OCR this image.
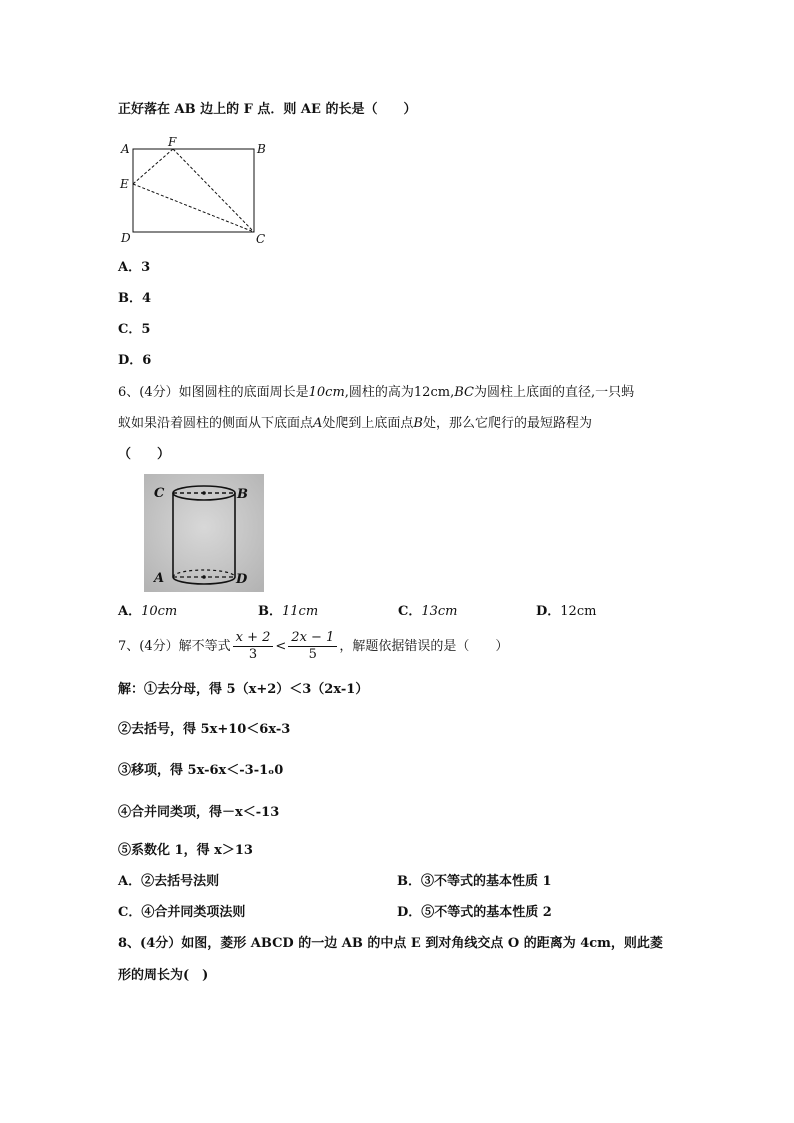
正好落在 AB 边上的 F 点．则 AE 的长是（　　）
A	F	B
E
D	C
A．3
B．4
C．5
D．6
6、(4分）如图圆柱的底面周长是10cm,圆柱的高为12cm,BC为圆柱上底面的直径,一只蚂
蚁如果沿着圆柱的侧面从下底面点A处爬到上底面点B处，那么它爬行的最短路程为
（　　）
C	B
A	D
A．10cm	B．11cm	C．13cm	D．12cm
7、(4分）解不等式 $\frac{x + 2}{3} < \frac{2x - 1}{5}$ ，解题依据错误的是（　　）
解：①去分母，得 5（x+2）＜3（2x-1）
②去括号，得 5x+10＜6x-3
③移项，得 5x-6x＜-3-1ₒ0
④合并同类项，得－x＜-13
⑤系数化 1，得 x＞13
A．②去括号法则	B．③不等式的基本性质 1
C．④合并同类项法则	D．⑤不等式的基本性质 2
8、(4分）如图，菱形 ABCD 的一边 AB 的中点 E 到对角线交点 O 的距离为 4cm，则此菱
形的周长为(　)
